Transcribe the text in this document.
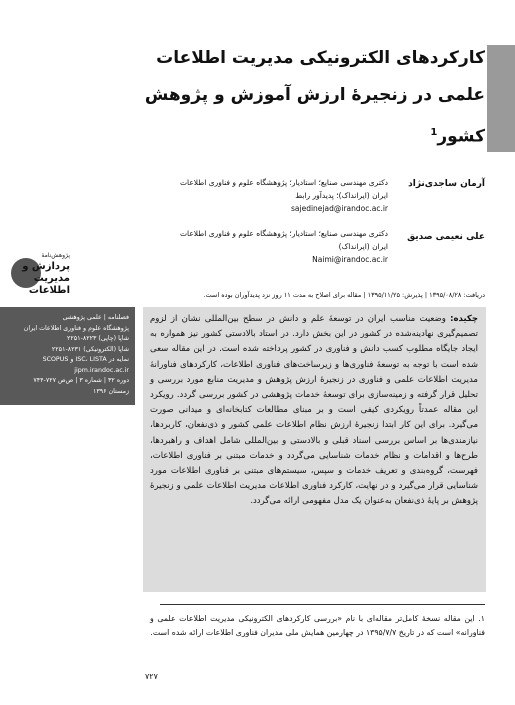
کارکردهای الکترونیکی مدیریت اطلاعات علمی در زنجیرۀ ارزش آموزش و پژوهش کشور$^1$
آرمان ساجدی‌نژاد
دکتری مهندسی صنایع؛ استادیار؛ پژوهشگاه علوم و فناوری اطلاعات ایران (ایرانداک)؛ پدیدآور رابط
sajedinejad@irandoc.ac.ir
علی نعیمی صدیق
دکتری مهندسی صنایع؛ استادیار؛ پژوهشگاه علوم و فناوری اطلاعات ایران (ایرانداک)
Naimi@irandoc.ac.ir
دریافت: ۱۳۹۵/۰۸/۲۸ | پذیرش: ۱۳۹۵/۱۱/۲۵ | مقاله برای اصلاح به مدت ۱۱ روز نزد پدیدآوران بوده است.
پژوهش‌نامهٔ
پردازش و
مدیریت
اطلاعات
فصلنامه | علمی پژوهشی
پژوهشگاه علوم و فناوری اطلاعات ایران
شاپا (چاپی) ۸۲۲۳-۲۲۵۱
شاپا (الکترونیکی) ۸۲۳۱-۲۲۵۱
نمایه در ISC، LISTA و SCOPUS
jipm.irandoc.ac.ir
دوره ۳۲ | شماره ۳ | ص‌ص ۷۲۷-۷۴۴
زمستان ۱۳۹۶
چکیده: وضعیت مناسب ایران در توسعۀ علم و دانش در سطح بین‌المللی نشان از لزوم تصمیم‌گیری نهادینه‌شده در کشور در این بخش دارد. در استاد بالادستی کشور نیز همواره به ایجاد جایگاه مطلوب کسب دانش و فناوری در کشور پرداخته شده است. در این مقاله سعی شده است با توجه به توسعۀ فناوری‌ها و زیرساخت‌های فناوری اطلاعات، کارکردهای فناورانۀ مدیریت اطلاعات علمی و فناوری در زنجیرۀ ارزش پژوهش و مدیریت منابع مورد بررسی و تحلیل قرار گرفته و زمینه‌سازی برای توسعۀ خدمات پژوهشی در کشور بررسی گردد. رویکرد این مقاله عمدتاً رویکردی کیفی است و بر مبنای مطالعات کتابخانه‌ای و میدانی صورت می‌گیرد. برای این کار ابتدا زنجیرۀ ارزش نظام اطلاعات علمی کشور و ذی‌نفعان، کاربردها، نیازمندی‌ها بر اساس بررسی اسناد قبلی و بالادستی و بین‌المللی شامل اهداف و راهبردها، طرح‌ها و اقدامات و نظام خدمات شناسایی می‌گردد و خدمات مبتنی بر فناوری اطلاعات، فهرست، گروه‌بندی و تعریف خدمات و سپس، سیستم‌های مبتنی بر فناوری اطلاعات مورد شناسایی قرار می‌گیرد و در نهایت، کارکرد فناوری اطلاعات مدیریت اطلاعات علمی و زنجیرۀ پژوهش بر پایۀ ذی‌نفعان به‌عنوان یک مدل مفهومی ارائه می‌گردد.
۱. این مقاله نسخۀ کامل‌تر مقاله‌ای با نام «بررسی کارکردهای الکترونیکی مدیریت اطلاعات علمی و فناورانه» است که در تاریخ ۱۳۹۵/۷/۷ در چهارمین همایش ملی مدیران فناوری اطلاعات ارائه شده است.
۷۲۷
